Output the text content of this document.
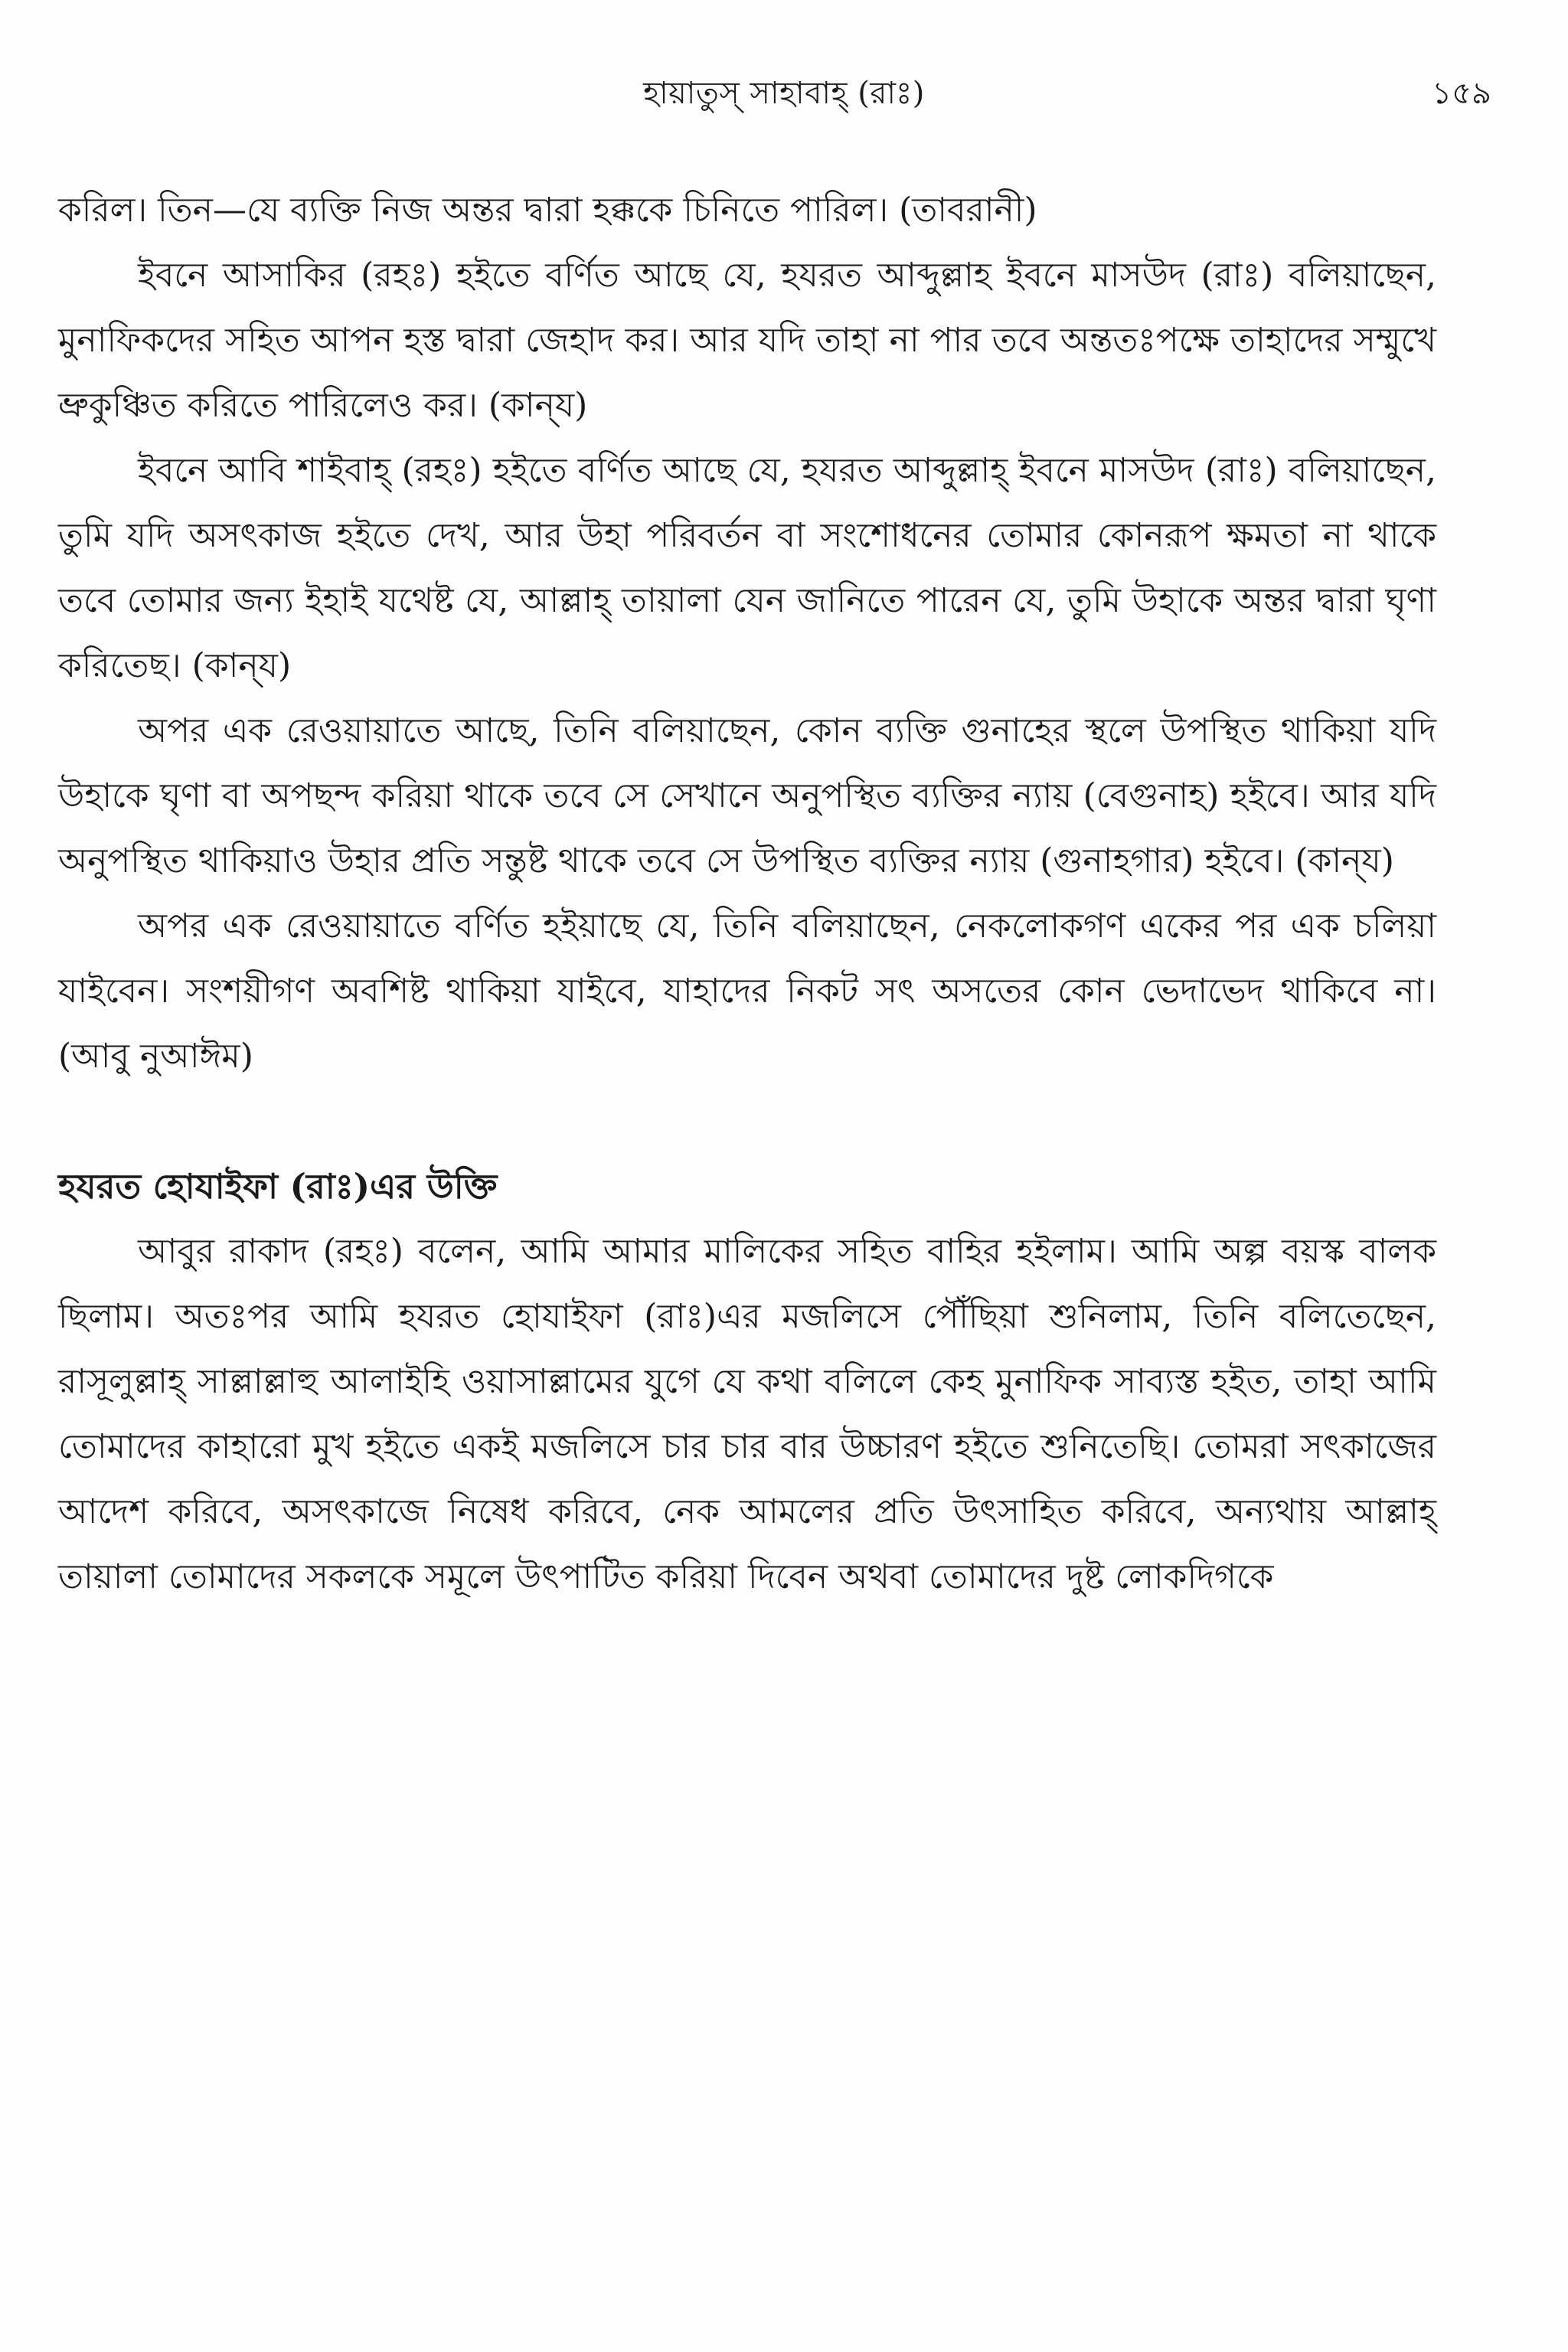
হায়াতুস্ সাহাবাহ্ (রাঃ)	১৫৯

করিল। তিন—যে ব্যক্তি নিজ অন্তর দ্বারা হক্ককে চিনিতে পারিল। (তাবরানী)

ইবনে আসাকির (রহঃ) হইতে বর্ণিত আছে যে, হযরত আব্দুল্লাহ ইবনে মাসউদ (রাঃ) বলিয়াছেন, মুনাফিকদের সহিত আপন হস্ত দ্বারা জেহাদ কর। আর যদি তাহা না পার তবে অন্ততঃপক্ষে তাহাদের সম্মুখে ভ্রুকুঞ্চিত করিতে পারিলেও কর। (কান্‌য)

ইবনে আবি শাইবাহ্ (রহঃ) হইতে বর্ণিত আছে যে, হযরত আব্দুল্লাহ্ ইবনে মাসউদ (রাঃ) বলিয়াছেন, তুমি যদি অসৎকাজ হইতে দেখ, আর উহা পরিবর্তন বা সংশোধনের তোমার কোনরূপ ক্ষমতা না থাকে তবে তোমার জন্য ইহাই যথেষ্ট যে, আল্লাহ্ তায়ালা যেন জানিতে পারেন যে, তুমি উহাকে অন্তর দ্বারা ঘৃণা করিতেছ। (কান্‌য)

অপর এক রেওয়ায়াতে আছে, তিনি বলিয়াছেন, কোন ব্যক্তি গুনাহের স্থলে উপস্থিত থাকিয়া যদি উহাকে ঘৃণা বা অপছন্দ করিয়া থাকে তবে সে সেখানে অনুপস্থিত ব্যক্তির ন্যায় (বেগুনাহ) হইবে। আর যদি অনুপস্থিত থাকিয়াও উহার প্রতি সন্তুষ্ট থাকে তবে সে উপস্থিত ব্যক্তির ন্যায় (গুনাহগার) হইবে। (কান্‌য)

অপর এক রেওয়ায়াতে বর্ণিত হইয়াছে যে, তিনি বলিয়াছেন, নেকলোকগণ একের পর এক চলিয়া যাইবেন। সংশয়ীগণ অবশিষ্ট থাকিয়া যাইবে, যাহাদের নিকট সৎ অসতের কোন ভেদাভেদ থাকিবে না। (আবু নুআঈম)

হযরত হোযাইফা (রাঃ)এর উক্তি

আবুর রাকাদ (রহঃ) বলেন, আমি আমার মালিকের সহিত বাহির হইলাম। আমি অল্প বয়স্ক বালক ছিলাম। অতঃপর আমি হযরত হোযাইফা (রাঃ)এর মজলিসে পৌঁছিয়া শুনিলাম, তিনি বলিতেছেন, রাসূলুল্লাহ্ সাল্লাল্লাহু আলাইহি ওয়াসাল্লামের যুগে যে কথা বলিলে কেহ মুনাফিক সাব্যস্ত হইত, তাহা আমি তোমাদের কাহারো মুখ হইতে একই মজলিসে চার চার বার উচ্চারণ হইতে শুনিতেছি। তোমরা সৎকাজের আদেশ করিবে, অসৎকাজে নিষেধ করিবে, নেক আমলের প্রতি উৎসাহিত করিবে, অন্যথায় আল্লাহ্ তায়ালা তোমাদের সকলকে সমূলে উৎপাটিত করিয়া দিবেন অথবা তোমাদের দুষ্ট লোকদিগকে
